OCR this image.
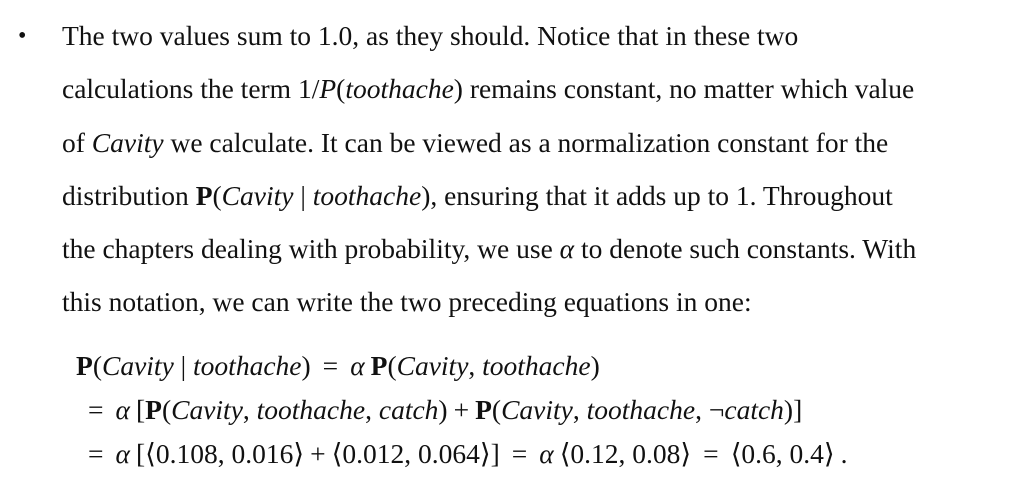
• The two values sum to 1.0, as they should. Notice that in these two
calculations the term 1/P(toothache) remains constant, no matter which value
of Cavity we calculate. It can be viewed as a normalization constant for the
distribution P(Cavity | toothache), ensuring that it adds up to 1. Throughout
the chapters dealing with probability, we use α to denote such constants. With
this notation, we can write the two preceding equations in one:
P(Cavity | toothache) = α P(Cavity, toothache)
= α [P(Cavity, toothache, catch) + P(Cavity, toothache, ¬catch)]
= α [⟨0.108, 0.016⟩ + ⟨0.012, 0.064⟩] = α ⟨0.12, 0.08⟩ = ⟨0.6, 0.4⟩ .
